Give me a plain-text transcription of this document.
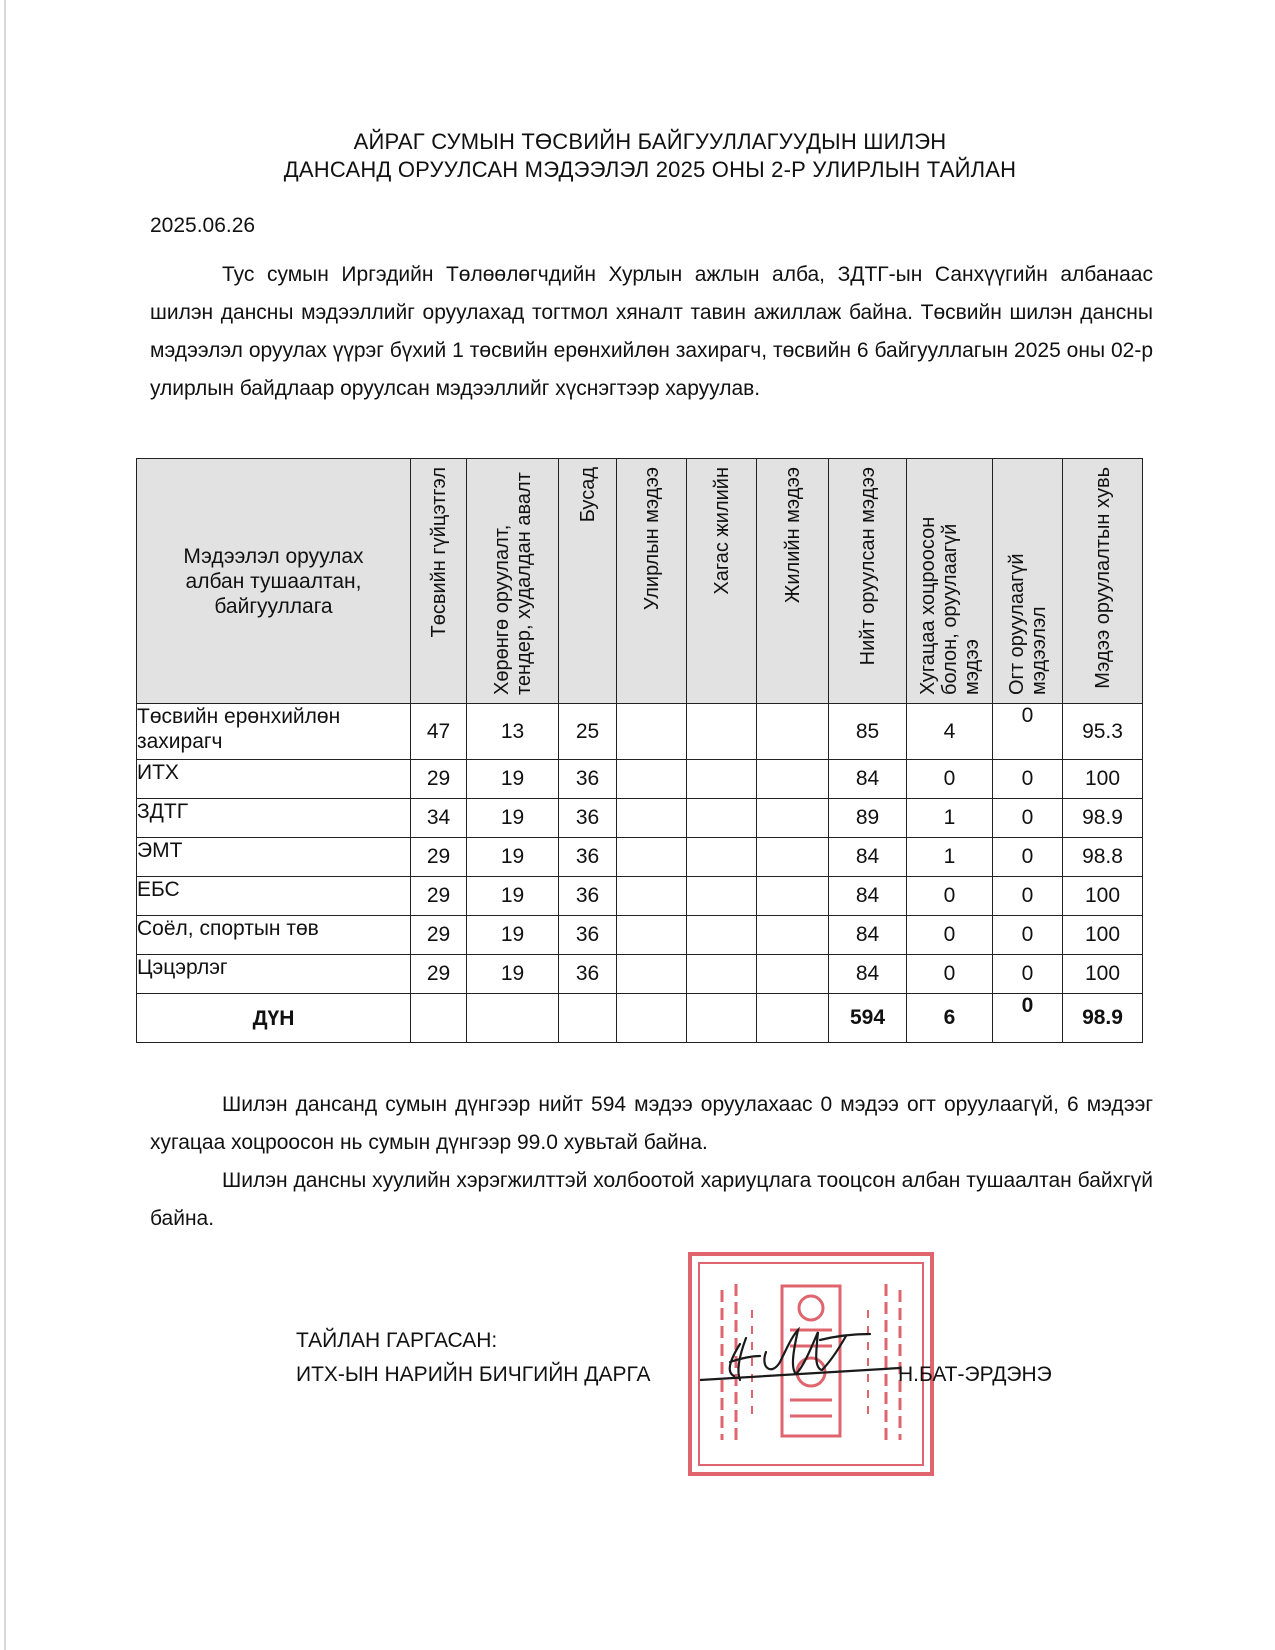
АЙРАГ СУМЫН ТӨСВИЙН БАЙГУУЛЛАГУУДЫН ШИЛЭН
ДАНСАНД ОРУУЛСАН МЭДЭЭЛЭЛ 2025 ОНЫ 2-Р УЛИРЛЫН ТАЙЛАН
2025.06.26

Тус сумын Иргэдийн Төлөөлөгчдийн Хурлын ажлын алба, ЗДТГ-ын Санхүүгийн албанаас шилэн дансны мэдээллийг оруулахад тогтмол хяналт тавин ажиллаж байна. Төсвийн шилэн дансны мэдээлэл оруулах үүрэг бүхий 1 төсвийн ерөнхийлөн захирагч, төсвийн 6 байгууллагын 2025 оны 02-р улирлын байдлаар оруулсан мэдээллийг хүснэгтээр харуулав.

Мэдээлэл оруулах албан тушаалтан, байгууллага	Төсвийн гүйцэтгэл	Хөрөнгө оруулалт, тендер, худалдан авалт	Бусад	Улирлын мэдээ	Хагас жилийн	Жилийн мэдээ	Нийт оруулсан мэдээ	Хугацаа хоцроосон болон, оруулаагүй мэдээ	Огт оруулаагүй мэдээлэл	Мэдээ оруулалтын хувь
Төсвийн ерөнхийлөн захирагч	47	13	25				85	4	0	95.3
ИТХ	29	19	36				84	0	0	100
ЗДТГ	34	19	36				89	1	0	98.9
ЭМТ	29	19	36				84	1	0	98.8
ЕБС	29	19	36				84	0	0	100
Соёл, спортын төв	29	19	36				84	0	0	100
Цэцэрлэг	29	19	36				84	0	0	100
ДҮН							594	6	0	98.9

Шилэн дансанд сумын дүнгээр нийт 594 мэдээ оруулахаас 0 мэдээ огт оруулаагүй, 6 мэдээг хугацаа хоцроосон нь сумын дүнгээр 99.0 хувьтай байна.

Шилэн дансны хуулийн хэрэгжилттэй холбоотой хариуцлага тооцсон албан тушаалтан байхгүй байна.

ТАЙЛАН ГАРГАСАН:
ИТХ-ЫН НАРИЙН БИЧГИЙН ДАРГА	Н.БАТ-ЭРДЭНЭ
